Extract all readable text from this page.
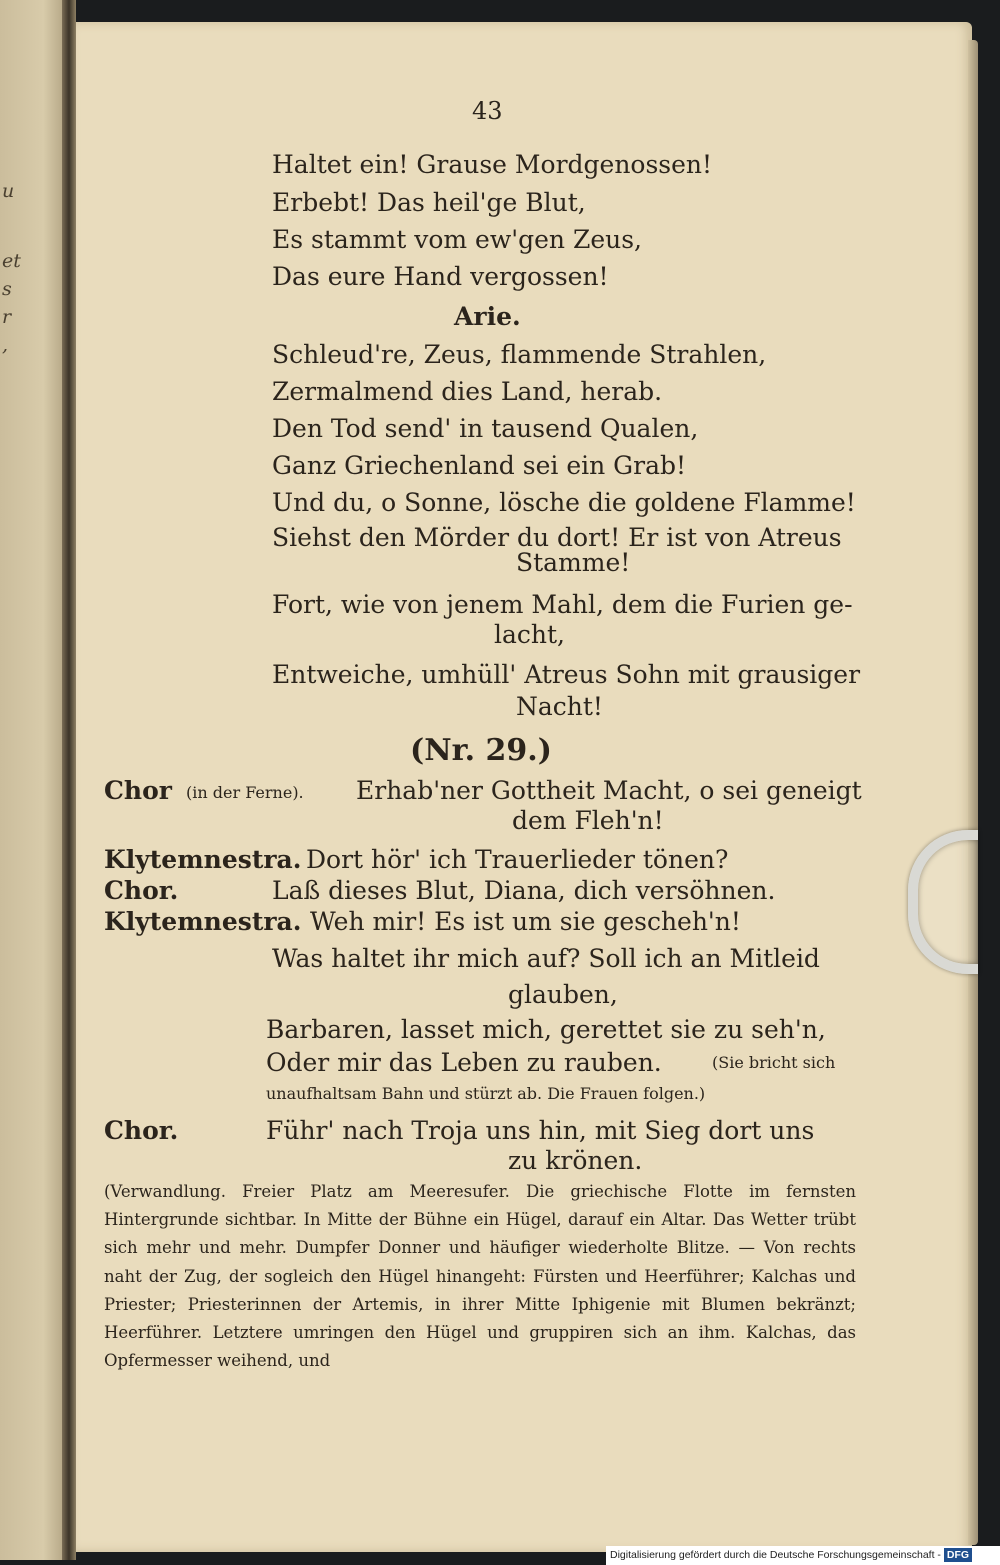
u
et
s
r
,
43
Haltet ein! Grause Mordgenossen!
Erbebt! Das heil'ge Blut,
Es stammt vom ew'gen Zeus,
Das eure Hand vergossen!
Arie.
Schleud're, Zeus, flammende Strahlen,
Zermalmend dies Land, herab.
Den Tod send' in tausend Qualen,
Ganz Griechenland sei ein Grab!
Und du, o Sonne, lösche die goldene Flamme!
Siehst den Mörder du dort! Er ist von Atreus
Stamme!
Fort, wie von jenem Mahl, dem die Furien ge-
lacht,
Entweiche, umhüll' Atreus Sohn mit grausiger
Nacht!
(Nr. 29.)
Chor (in der Ferne). Erhab'ner Gottheit Macht, o sei geneigt
dem Fleh'n!
Klytemnestra. Dort hör' ich Trauerlieder tönen?
Chor.	Laß dieses Blut, Diana, dich versöhnen.
Klytemnestra. Weh mir! Es ist um sie gescheh'n!
Was haltet ihr mich auf? Soll ich an Mitleid
glauben,
Barbaren, lasset mich, gerettet sie zu seh'n,
Oder mir das Leben zu rauben.	(Sie bricht sich
unaufhaltsam Bahn und stürzt ab. Die Frauen folgen.)
Chor.	Führ' nach Troja uns hin, mit Sieg dort uns
zu krönen.
(Verwandlung. Freier Platz am Meeresufer. Die griechische Flotte im fernsten Hintergrunde sichtbar. In Mitte der Bühne ein Hügel, darauf ein Altar. Das Wetter trübt sich mehr und mehr. Dumpfer Donner und häufiger wiederholte Blitze. — Von rechts naht der Zug, der sogleich den Hügel hinangeht: Fürsten und Heerführer; Kalchas und Priester; Priesterinnen der Artemis, in ihrer Mitte Iphigenie mit Blumen bekränzt; Heerführer. Letztere umringen den Hügel und gruppiren sich an ihm. Kalchas, das Opfermesser weihend, und
Digitalisierung gefördert durch die Deutsche Forschungsgemeinschaft - DFG
